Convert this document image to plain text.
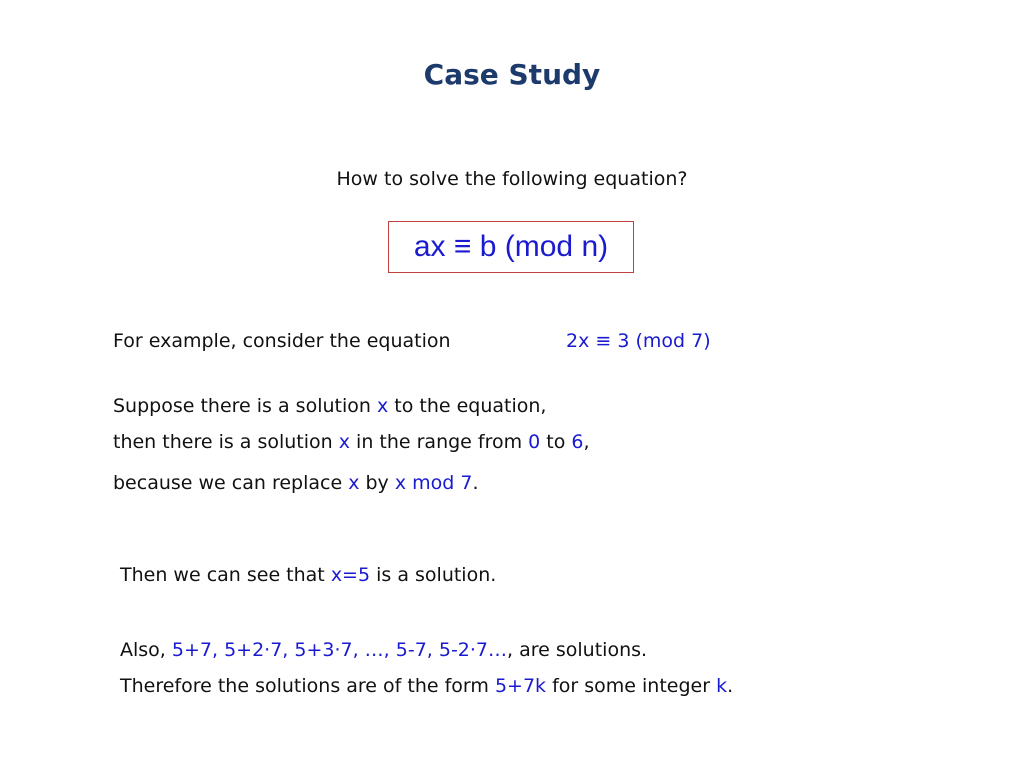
Case Study
How to solve the following equation?
ax ≡ b (mod n)
For example, consider the equation	2x ≡ 3 (mod 7)
Suppose there is a solution x to the equation,
then there is a solution x in the range from 0 to 6,
because we can replace x by x mod 7.
Then we can see that x=5 is a solution.
Also, 5+7, 5+2·7, 5+3·7, …, 5-7, 5-2·7…, are solutions.
Therefore the solutions are of the form 5+7k for some integer k.
